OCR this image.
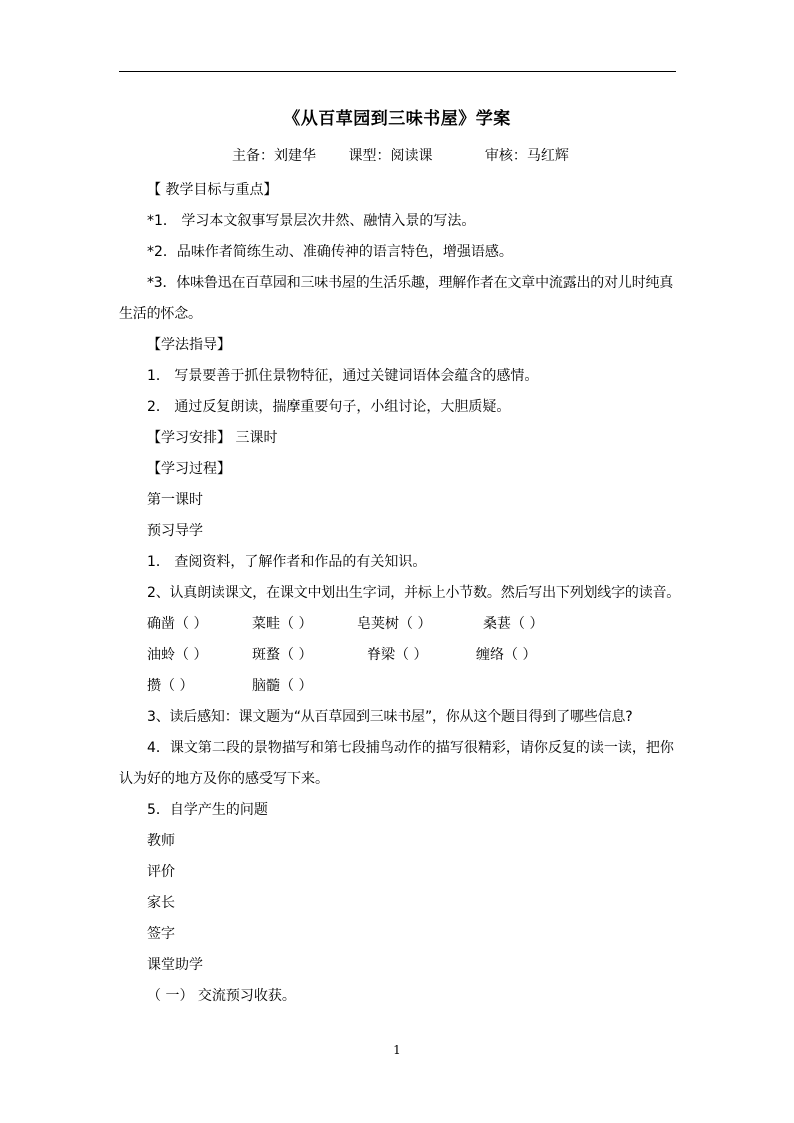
《从百草园到三味书屋》学案
主备：刘建华 课型：阅读课	审核：马红辉

【 教学目标与重点】

*1． 学习本文叙事写景层次井然、融情入景的写法。

*2．品味作者简练生动、准确传神的语言特色，增强语感。

*3．体味鲁迅在百草园和三味书屋的生活乐趣，理解作者在文章中流露出的对儿时纯真生活的怀念。

【学法指导】

1． 写景要善于抓住景物特征，通过关键词语体会蕴含的感情。

2． 通过反复朗读，揣摩重要句子，小组讨论，大胆质疑。

【学习安排】 三课时

【学习过程】

第一课时

预习导学

1． 查阅资料，了解作者和作品的有关知识。

2、认真朗读课文，在课文中划出生字词，并标上小节数。然后写出下列划线字的读音。

确凿（ ）	菜畦（ ）	皂荚树（ ）	桑葚（ ）
油蛉（ ）	斑蝥（ ）	脊梁（ ）	缠络（ ）
攒（ ）	脑髓（ ）

3、读后感知：课文题为“从百草园到三味书屋”，你从这个题目得到了哪些信息?

4．课文第二段的景物描写和第七段捕鸟动作的描写很精彩，请你反复的读一读，把你认为好的地方及你的感受写下来。

5．自学产生的问题

教师

评价

家长

签字

课堂助学

（ 一） 交流预习收获。

1
